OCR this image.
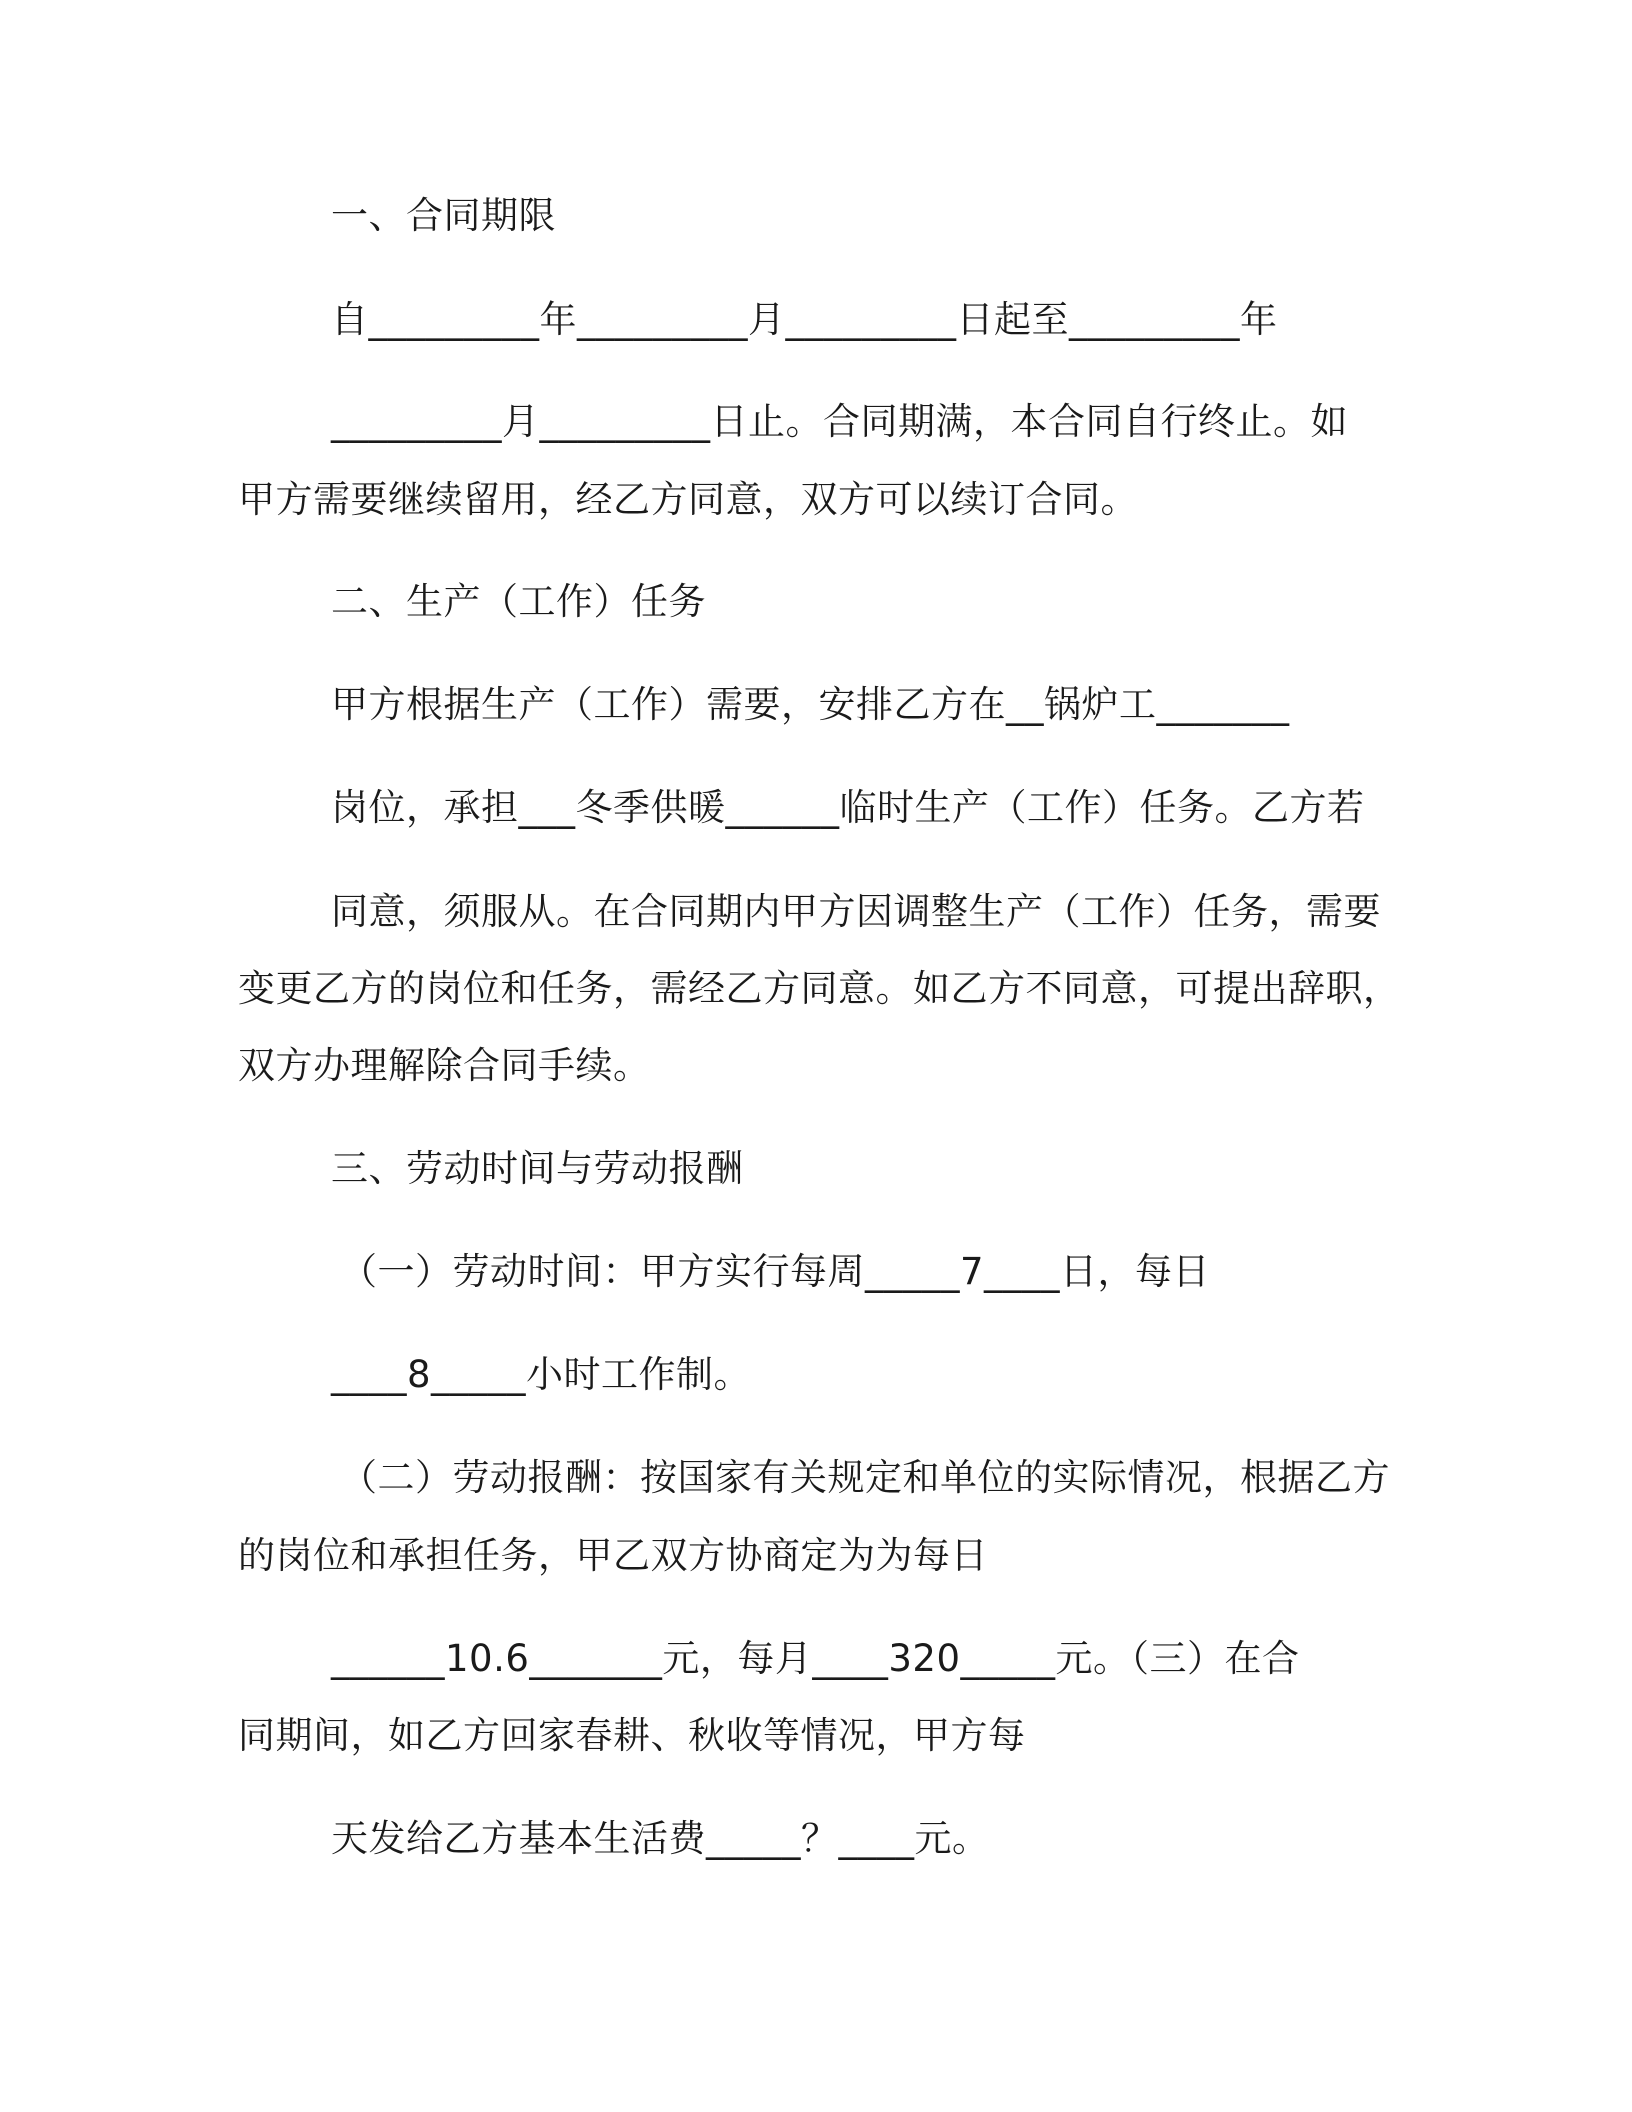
一、合同期限
自_________年_________月_________日起至_________年
_________月_________日止。合同期满，本合同自行终止。如
甲方需要继续留用，经乙方同意，双方可以续订合同。
二、生产（工作）任务
甲方根据生产（工作）需要，安排乙方在__锅炉工_______
岗位，承担___冬季供暖______临时生产（工作）任务。乙方若
同意，须服从。在合同期内甲方因调整生产（工作）任务，需要
变更乙方的岗位和任务，需经乙方同意。如乙方不同意，可提出辞职，
双方办理解除合同手续。
三、劳动时间与劳动报酬
（一）劳动时间：甲方实行每周_____7____日，每日
____8_____小时工作制。
（二）劳动报酬：按国家有关规定和单位的实际情况，根据乙方
的岗位和承担任务，甲乙双方协商定为为每日
______10.6_______元，每月____320_____元。（三）在合
同期间，如乙方回家春耕、秋收等情况，甲方每
天发给乙方基本生活费_____？____元。
